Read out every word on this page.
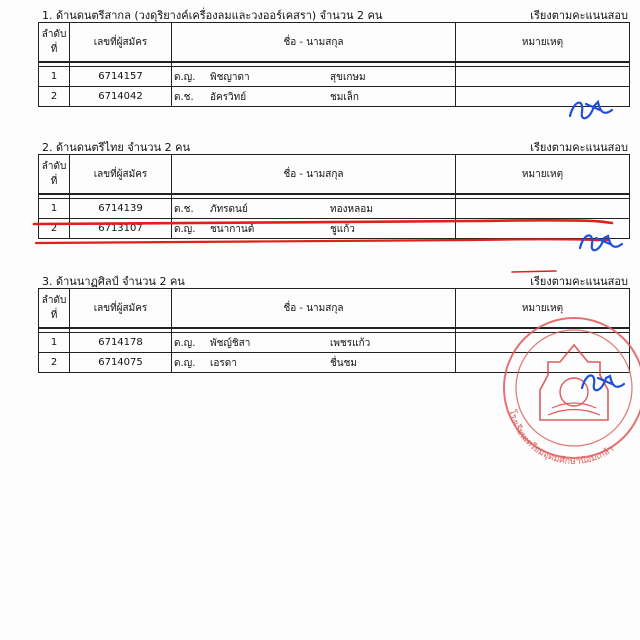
1. ด้านดนตรีสากล (วงดุริยางค์เครื่องลมและวงออร์เคสรา) จำนวน 2 คน	เรียงตามคะแนนสอบ
ลำดับ
ที่	เลขที่ผู้สมัคร	ชื่อ - นามสกุล	หมายเหตุ

1	6714157	ด.ญ. พิชญาดา สุขเกษม	

2	6714042	ด.ช. อัครวิทย์ ชมเล็ก	

2. ด้านดนตรีไทย จำนวน 2 คน	เรียงตามคะแนนสอบ
ลำดับ
ที่	เลขที่ผู้สมัคร	ชื่อ - นามสกุล	หมายเหตุ

1	6714139	ด.ช. ภัทรดนย์ ทองหลอม	

2	6713107	ด.ญ. ชนากานต์ ชูแก้ว	

3. ด้านนาฏศิลป์ จำนวน 2 คน	เรียงตามคะแนนสอบ
ลำดับ
ที่	เลขที่ผู้สมัคร	ชื่อ - นามสกุล	หมายเหตุ

1	6714178	ด.ญ. พัชญ์ชิสา เพชรแก้ว	

2	6714075	ด.ญ. เอรดา ชื่นชม	

โรงเรียนเตรียมอุดมศึกษาน้อมเกล้า
